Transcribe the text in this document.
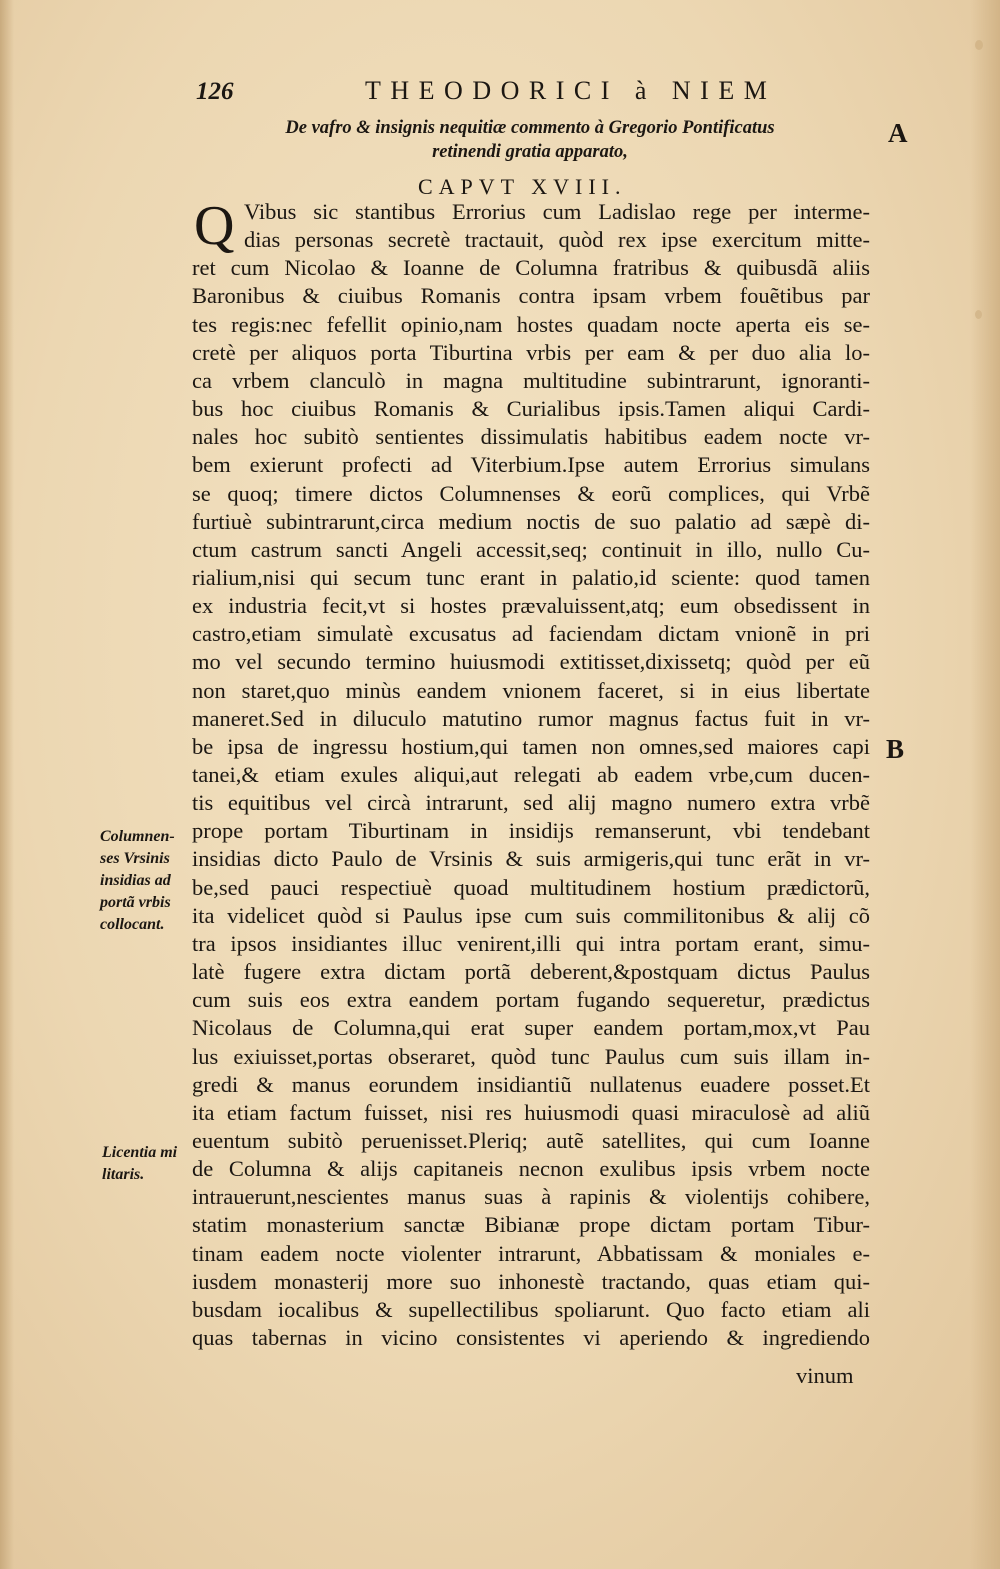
126	THEODORICI à NIEM
De vafro & insignis nequitiæ commento à Gregorio Pontificatus retinendi gratia apparato,
CAPVT XVIII.
A
B
Q Vibus sic stantibus Errorius cum Ladislao rege per interme-
dias personas secretè tractauit, quòd rex ipse exercitum mitte-
ret cum Nicolao & Ioanne de Columna fratribus & quibusdã aliis
Baronibus & ciuibus Romanis contra ipsam vrbem fouẽtibus par
tes regis:nec fefellit opinio,nam hostes quadam nocte aperta eis se-
cretè per aliquos porta Tiburtina vrbis per eam & per duo alia lo-
ca vrbem clanculò in magna multitudine subintrarunt, ignoranti-
bus hoc ciuibus Romanis & Curialibus ipsis.Tamen aliqui Cardi-
nales hoc subitò sentientes dissimulatis habitibus eadem nocte vr-
bem exierunt profecti ad Viterbium.Ipse autem Errorius simulans
se quoq; timere dictos Columnenses & eorũ complices, qui Vrbẽ
furtiuè subintrarunt,circa medium noctis de suo palatio ad sæpè di-
ctum castrum sancti Angeli accessit,seq; continuit in illo, nullo Cu-
rialium,nisi qui secum tunc erant in palatio,id sciente: quod tamen
ex industria fecit,vt si hostes prævaluissent,atq; eum obsedissent in
castro,etiam simulatè excusatus ad faciendam dictam vnionẽ in pri
mo vel secundo termino huiusmodi extitisset,dixissetq; quòd per eũ
non staret,quo minùs eandem vnionem faceret, si in eius libertate
maneret.Sed in diluculo matutino rumor magnus factus fuit in vr-
be ipsa de ingressu hostium,qui tamen non omnes,sed maiores capi
tanei,& etiam exules aliqui,aut relegati ab eadem vrbe,cum ducen-
tis equitibus vel circà intrarunt, sed alij magno numero extra vrbẽ
prope portam Tiburtinam in insidijs remanserunt, vbi tendebant
insidias dicto Paulo de Vrsinis & suis armigeris,qui tunc erãt in vr-
be,sed pauci respectiuè quoad multitudinem hostium prædictorũ,
ita videlicet quòd si Paulus ipse cum suis commilitonibus & alij cõ
tra ipsos insidiantes illuc venirent,illi qui intra portam erant, simu-
latè fugere extra dictam portã deberent,&postquam dictus Paulus
cum suis eos extra eandem portam fugando sequeretur, prædictus
Nicolaus de Columna,qui erat super eandem portam,mox,vt Pau
lus exiuisset,portas obseraret, quòd tunc Paulus cum suis illam in-
gredi & manus eorundem insidiantiũ nullatenus euadere posset.Et
ita etiam factum fuisset, nisi res huiusmodi quasi miraculosè ad aliũ
euentum subitò peruenisset.Pleriq; autẽ satellites, qui cum Ioanne
de Columna & alijs capitaneis necnon exulibus ipsis vrbem nocte
intrauerunt,nescientes manus suas à rapinis & violentijs cohibere,
statim monasterium sanctæ Bibianæ prope dictam portam Tibur-
tinam eadem nocte violenter intrarunt, Abbatissam & moniales e-
iusdem monasterij more suo inhonestè tractando, quas etiam qui-
busdam iocalibus & supellectilibus spoliarunt. Quo facto etiam ali
quas tabernas in vicino consistentes vi aperiendo & ingrediendo
Columnen-
ses Vrsinis
insidias ad
portã vrbis
collocant.
Licentia mi
litaris.
vinum
